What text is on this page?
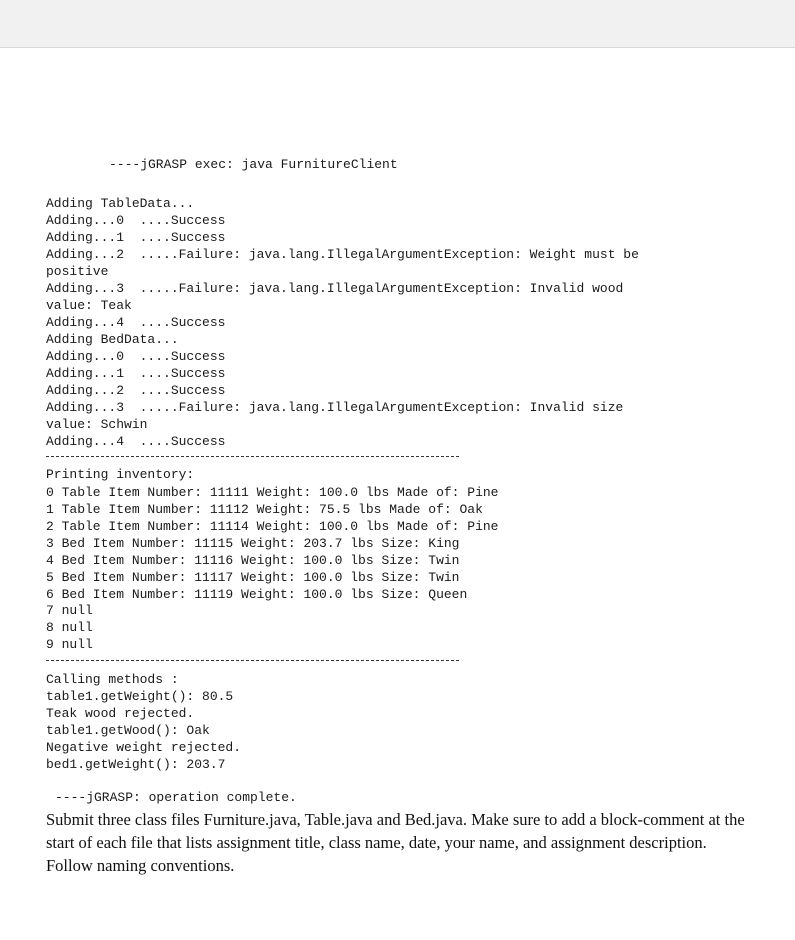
----jGRASP exec: java FurnitureClient
Adding TableData...
Adding...0  ....Success
Adding...1  ....Success
Adding...2  .....Failure: java.lang.IllegalArgumentException: Weight must be
positive
Adding...3  .....Failure: java.lang.IllegalArgumentException: Invalid wood
value: Teak
Adding...4  ....Success
Adding BedData...
Adding...0  ....Success
Adding...1  ....Success
Adding...2  ....Success
Adding...3  .....Failure: java.lang.IllegalArgumentException: Invalid size
value: Schwin
Adding...4  ....Success
Printing inventory:
0 Table Item Number: 11111 Weight: 100.0 lbs Made of: Pine
1 Table Item Number: 11112 Weight: 75.5 lbs Made of: Oak
2 Table Item Number: 11114 Weight: 100.0 lbs Made of: Pine
3 Bed Item Number: 11115 Weight: 203.7 lbs Size: King
4 Bed Item Number: 11116 Weight: 100.0 lbs Size: Twin
5 Bed Item Number: 11117 Weight: 100.0 lbs Size: Twin
6 Bed Item Number: 11119 Weight: 100.0 lbs Size: Queen
7 null
8 null
9 null
Calling methods :
table1.getWeight(): 80.5
Teak wood rejected.
table1.getWood(): Oak
Negative weight rejected.
bed1.getWeight(): 203.7
----jGRASP: operation complete.
Submit three class files Furniture.java, Table.java and Bed.java. Make sure to add a block-comment at the start of each file that lists assignment title, class name, date, your name, and assignment description. Follow naming conventions.
